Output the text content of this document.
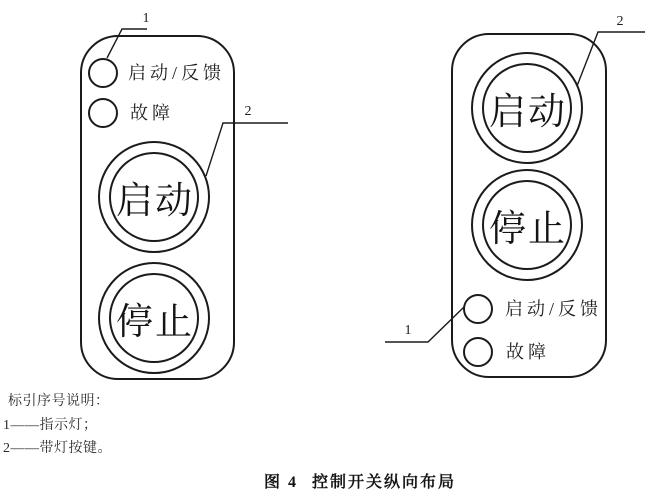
启动/反馈
故障
启动
停止
启动
停止
启动/反馈
故障
1
2
2
1
标引序号说明：
1——指示灯；
2——带灯按键。
图 4 控制开关纵向布局
